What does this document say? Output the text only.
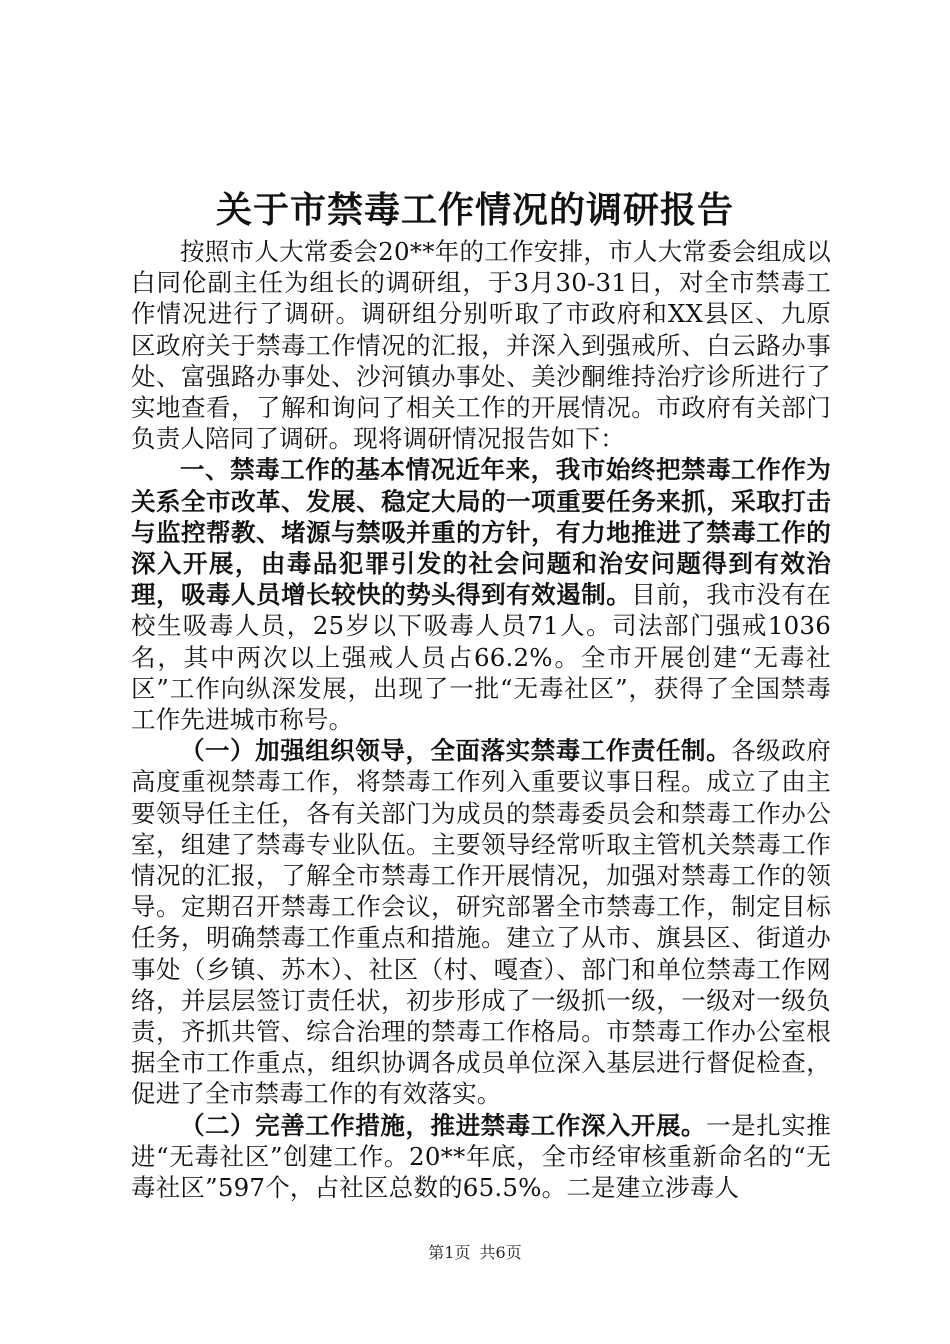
关于市禁毒工作情况的调研报告

按照市人大常委会20**年的工作安排，市人大常委会组成以白同伦副主任为组长的调研组，于3月30-31日，对全市禁毒工作情况进行了调研。调研组分别听取了市政府和XX县区、九原区政府关于禁毒工作情况的汇报，并深入到强戒所、白云路办事处、富强路办事处、沙河镇办事处、美沙酮维持治疗诊所进行了实地查看，了解和询问了相关工作的开展情况。市政府有关部门负责人陪同了调研。现将调研情况报告如下：

一、禁毒工作的基本情况近年来，我市始终把禁毒工作作为关系全市改革、发展、稳定大局的一项重要任务来抓，采取打击与监控帮教、堵源与禁吸并重的方针，有力地推进了禁毒工作的深入开展，由毒品犯罪引发的社会问题和治安问题得到有效治理，吸毒人员增长较快的势头得到有效遏制。目前，我市没有在校生吸毒人员，25岁以下吸毒人员71人。司法部门强戒1036名，其中两次以上强戒人员占66.2%。全市开展创建“无毒社区”工作向纵深发展，出现了一批“无毒社区”，获得了全国禁毒工作先进城市称号。

（一）加强组织领导，全面落实禁毒工作责任制。各级政府高度重视禁毒工作，将禁毒工作列入重要议事日程。成立了由主要领导任主任，各有关部门为成员的禁毒委员会和禁毒工作办公室，组建了禁毒专业队伍。主要领导经常听取主管机关禁毒工作情况的汇报，了解全市禁毒工作开展情况，加强对禁毒工作的领导。定期召开禁毒工作会议，研究部署全市禁毒工作，制定目标任务，明确禁毒工作重点和措施。建立了从市、旗县区、街道办事处（乡镇、苏木）、社区（村、嘎查）、部门和单位禁毒工作网络，并层层签订责任状，初步形成了一级抓一级，一级对一级负责，齐抓共管、综合治理的禁毒工作格局。市禁毒工作办公室根据全市工作重点，组织协调各成员单位深入基层进行督促检查，促进了全市禁毒工作的有效落实。

（二）完善工作措施，推进禁毒工作深入开展。一是扎实推进“无毒社区”创建工作。20**年底，全市经审核重新命名的“无毒社区”597个，占社区总数的65.5%。二是建立涉毒人

第1页 共6页
